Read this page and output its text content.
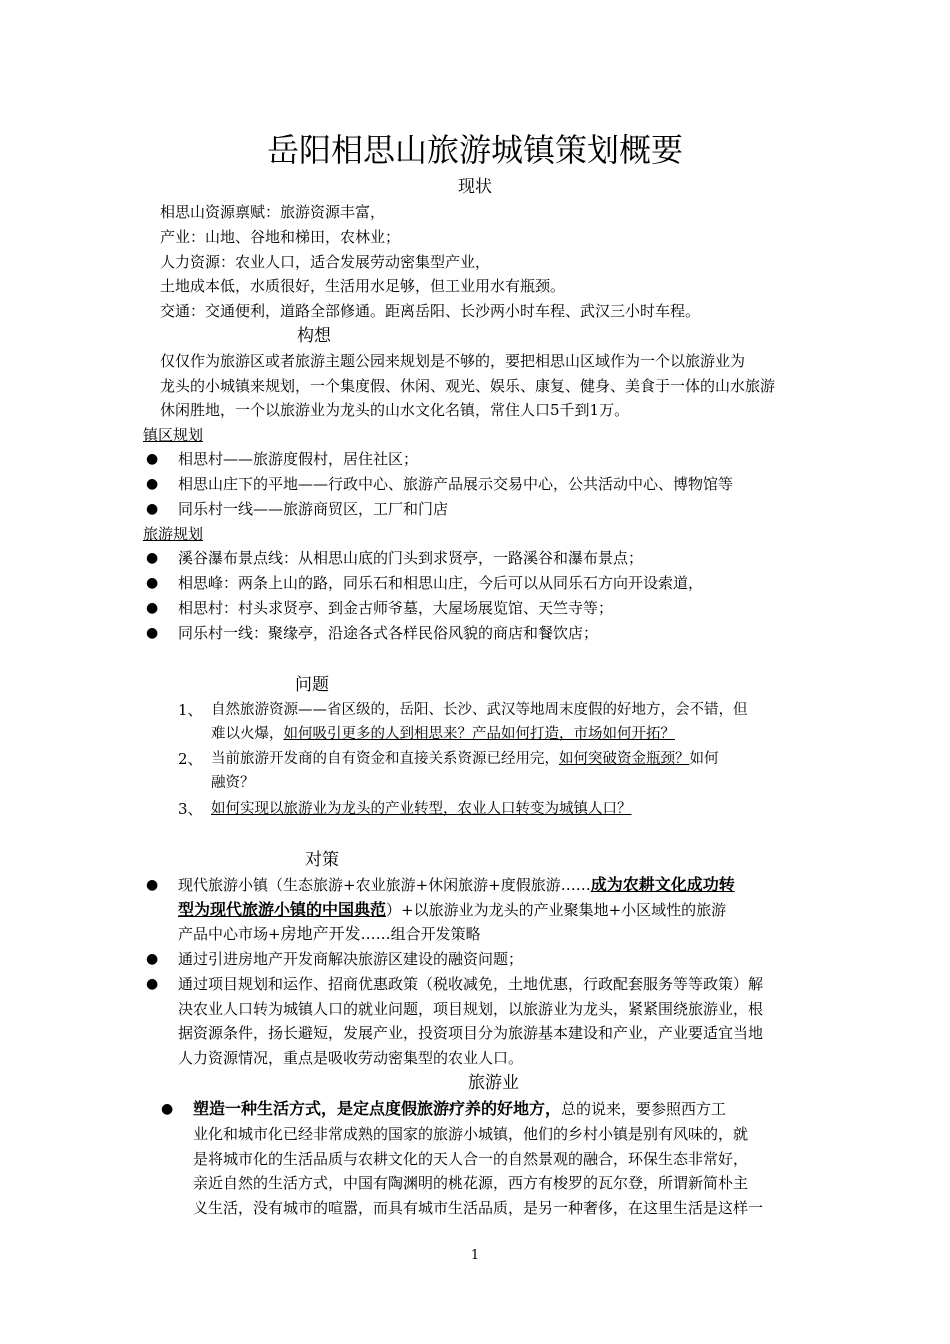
岳阳相思山旅游城镇策划概要
现状
相思山资源禀赋：旅游资源丰富，
产业：山地、谷地和梯田，农林业；
人力资源：农业人口，适合发展劳动密集型产业，
土地成本低，水质很好，生活用水足够，但工业用水有瓶颈。
交通：交通便利，道路全部修通。距离岳阳、长沙两小时车程、武汉三小时车程。
构想
仅仅作为旅游区或者旅游主题公园来规划是不够的，要把相思山区域作为一个以旅游业为
龙头的小城镇来规划，一个集度假、休闲、观光、娱乐、康复、健身、美食于一体的山水旅游
休闲胜地，一个以旅游业为龙头的山水文化名镇，常住人口5千到1万。
镇区规划
● 相思村——旅游度假村，居住社区；
● 相思山庄下的平地——行政中心、旅游产品展示交易中心，公共活动中心、博物馆等
● 同乐村一线——旅游商贸区，工厂和门店
旅游规划
● 溪谷瀑布景点线：从相思山底的门头到求贤亭，一路溪谷和瀑布景点；
● 相思峰：两条上山的路，同乐石和相思山庄，今后可以从同乐石方向开设索道，
● 相思村：村头求贤亭、到金古师爷墓，大屋场展览馆、天竺寺等；
● 同乐村一线：聚缘亭，沿途各式各样民俗风貌的商店和餐饮店；
问题
1、 自然旅游资源——省区级的，岳阳、长沙、武汉等地周末度假的好地方，会不错，但
难以火爆，如何吸引更多的人到相思来？产品如何打造，市场如何开拓？
2、 当前旅游开发商的自有资金和直接关系资源已经用完，如何突破资金瓶颈？如何
融资？
3、 如何实现以旅游业为龙头的产业转型，农业人口转变为城镇人口？
对策
● 现代旅游小镇（生态旅游+农业旅游+休闲旅游+度假旅游……成为农耕文化成功转
型为现代旅游小镇的中国典范）+以旅游业为龙头的产业聚集地+小区域性的旅游
产品中心市场+房地产开发……组合开发策略
● 通过引进房地产开发商解决旅游区建设的融资问题；
● 通过项目规划和运作、招商优惠政策（税收减免，土地优惠，行政配套服务等等政策）解
决农业人口转为城镇人口的就业问题，项目规划，以旅游业为龙头，紧紧围绕旅游业，根
据资源条件，扬长避短，发展产业，投资项目分为旅游基本建设和产业，产业要适宜当地
人力资源情况，重点是吸收劳动密集型的农业人口。
旅游业
● 塑造一种生活方式，是定点度假旅游疗养的好地方，总的说来，要参照西方工
业化和城市化已经非常成熟的国家的旅游小城镇，他们的乡村小镇是别有风味的，就
是将城市化的生活品质与农耕文化的天人合一的自然景观的融合，环保生态非常好，
亲近自然的生活方式，中国有陶渊明的桃花源，西方有梭罗的瓦尔登，所谓新简朴主
义生活，没有城市的喧嚣，而具有城市生活品质，是另一种奢侈，在这里生活是这样一
1
